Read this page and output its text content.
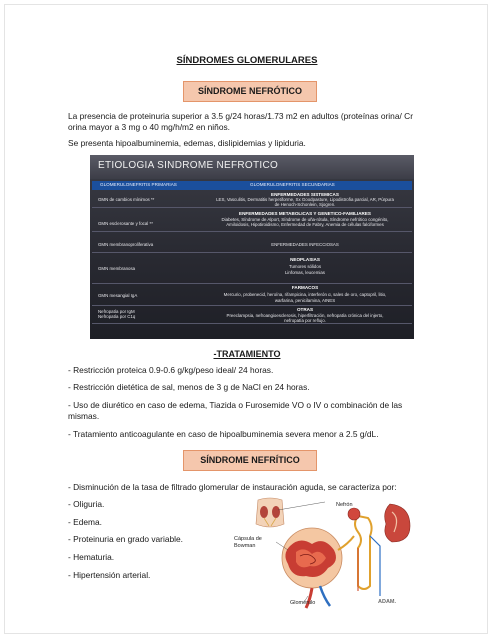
SÍNDROMES GLOMERULARES
SÍNDROME NEFRÓTICO
La presencia de proteinuria superior a 3.5 g/24 horas/1.73 m2 en adultos (proteínas orina/ Cr orina mayor a 3 mg o 40 mg/h/m2 en niños.
Se presenta hipoalbuminemia, edemas, dislipidemias y lipiduria.
ETIOLOGIA SINDROME NEFROTICO
GLOMERULONEFRITIS PRIMARIAS	GLOMERULONEFRITIS SECUNDARIAS
GMN de cambios mínimos **
GMN esclerosante y focal **
GMN membranoproliferativa
GMN membranosa
GMN mesangial IgA
Nefropatía por IgM
Nefropatía por C1q
ENFERMEDADES SISTEMICAS
LES, Vasculitis, Dermatitis herpetiforme, Sx Goodpasture, Lipodistrofia parcial, AR, Púrpura
de Henoch-Schonlein, Sjogren.
ENFERMEDADES METABOLICAS Y GENETICO-FAMILIARES
Diabetes, Síndrome de Alport, Síndrome de uña-rótula, Síndrome nefrótico congénito,
Amiloidosis, Hipotiroidismo, Enfermedad de Fabry, Anemia de células falciformes
ENFERMEDADES INFECCIOSAS
NEOPLASIAS
Tumores sólidos
Linfomas, leucemias
FARMACOS
Mercurio, probenecid, heroína, rifampicina, interferón α, sales de oro, captopril, litio,
warfarina, penicilamina, AINES
OTRAS
Preeclampsia, nefroangioesclerosis, hiperfiltración, nefropatía crónica del injerto,
nefropatía por reflujo.
-TRATAMIENTO
- Restricción proteica 0.9-0.6 g/kg/peso ideal/ 24 horas.
- Restricción dietética de sal, menos de 3 g de NaCl en 24 horas.
- Uso de diurético en caso de edema, Tiazida o Furosemide VO o IV o combinación de las mismas.
- Tratamiento anticoagulante en caso de hipoalbuminemia severa menor a 2.5 g/dL.
SÍNDROME NEFRÍTICO
- Disminución de la tasa de filtrado glomerular de instauración aguda, se caracteriza por:
- Oliguria.
- Edema.
- Proteinuria en grado variable.
- Hematuria.
- Hipertensión arterial.
Nefrón
Cápsula de
Bowman
Glomérulo	ADAM.
